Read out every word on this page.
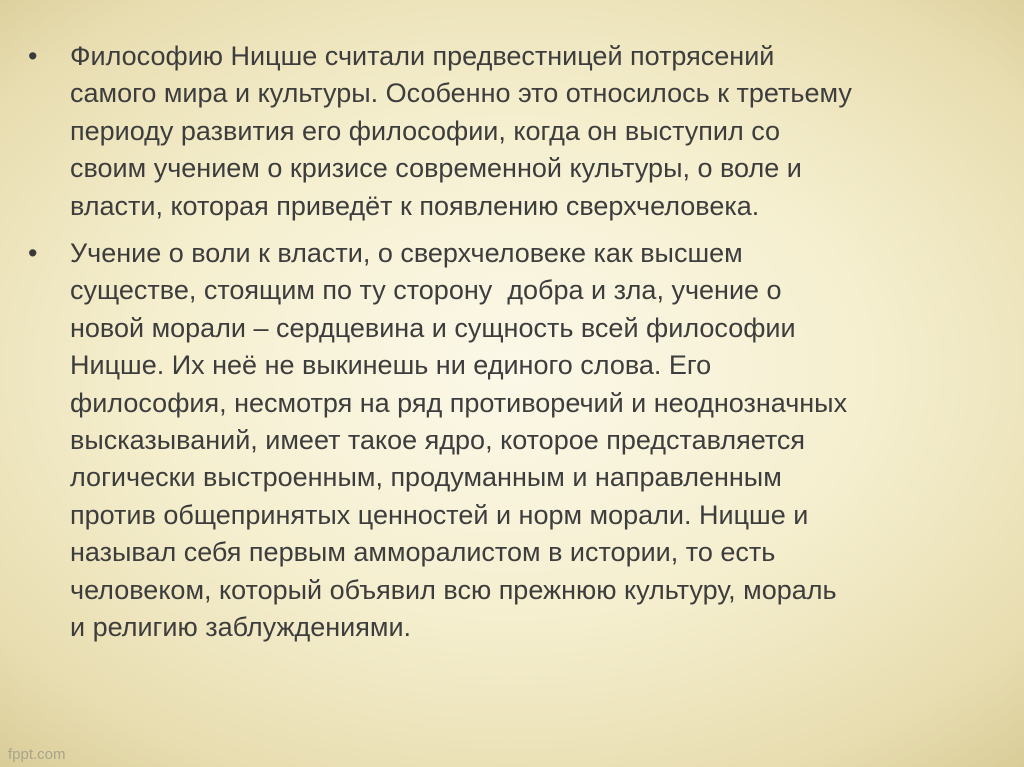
• Философию Ницше считали предвестницей потрясений
самого мира и культуры. Особенно это относилось к третьему
периоду развития его философии, когда он выступил со
своим учением о кризисе современной культуры, о воле и
власти, которая приведёт к появлению сверхчеловека.
• Учение о воли к власти, о сверхчеловеке как высшем
существе, стоящим по ту сторону  добра и зла, учение о
новой морали – сердцевина и сущность всей философии
Ницше. Их неё не выкинешь ни единого слова. Его
философия, несмотря на ряд противоречий и неоднозначных
высказываний, имеет такое ядро, которое представляется
логически выстроенным, продуманным и направленным
против общепринятых ценностей и норм морали. Ницше и
называл себя первым аммoралистом в истории, то есть
человеком, который объявил всю прежнюю культуру, мораль
и религию заблуждениями.
fppt.com
